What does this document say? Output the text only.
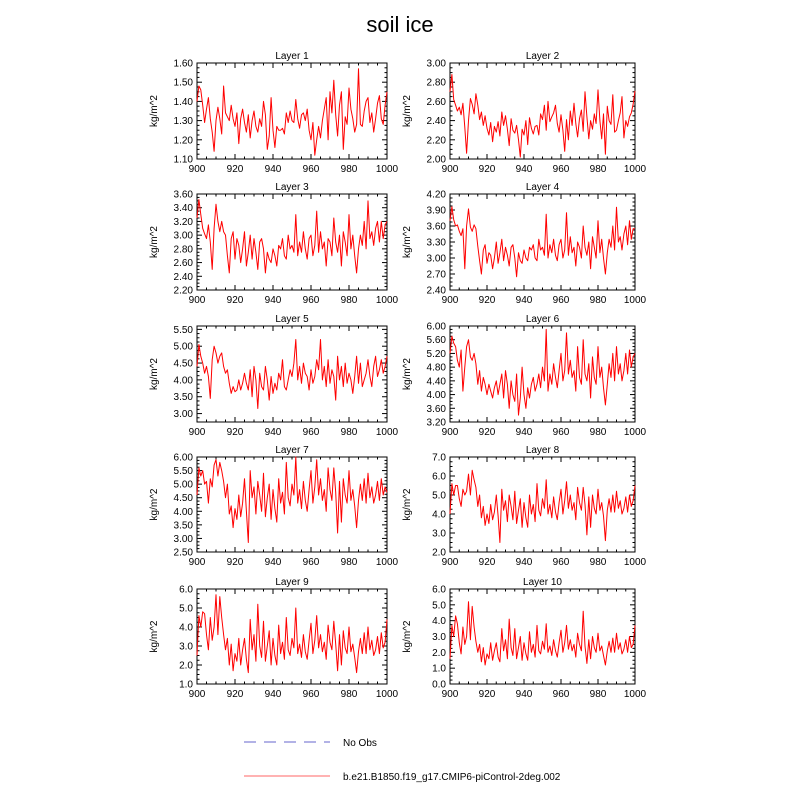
soil ice
Layer 1
900 920 940 960 980 1000
1.10
1.20
1.30
1.40
1.50
1.60
kg/m^2
Layer 2
900 920 940 960 980 1000
2.00
2.20
2.40
2.60
2.80
3.00
kg/m^2
Layer 3
900 920 940 960 980 1000
2.20
2.40
2.60
2.80
3.00
3.20
3.40
3.60
kg/m^2
Layer 4
900 920 940 960 980 1000
2.40
2.70
3.00
3.30
3.60
3.90
4.20
kg/m^2
Layer 5
900 920 940 960 980 1000
3.00
3.50
4.00
4.50
5.00
5.50
kg/m^2
Layer 6
900 920 940 960 980 1000
3.20
3.60
4.00
4.40
4.80
5.20
5.60
6.00
kg/m^2
Layer 7
900 920 940 960 980 1000
2.50
3.00
3.50
4.00
4.50
5.00
5.50
6.00
kg/m^2
Layer 8
900 920 940 960 980 1000
2.0
3.0
4.0
5.0
6.0
7.0
kg/m^2
Layer 9
900 920 940 960 980 1000
1.0
2.0
3.0
4.0
5.0
6.0
kg/m^2
Layer 10
900 920 940 960 980 1000
0.0
1.0
2.0
3.0
4.0
5.0
6.0
kg/m^2
No Obs
b.e21.B1850.f19_g17.CMIP6-piControl-2deg.002
